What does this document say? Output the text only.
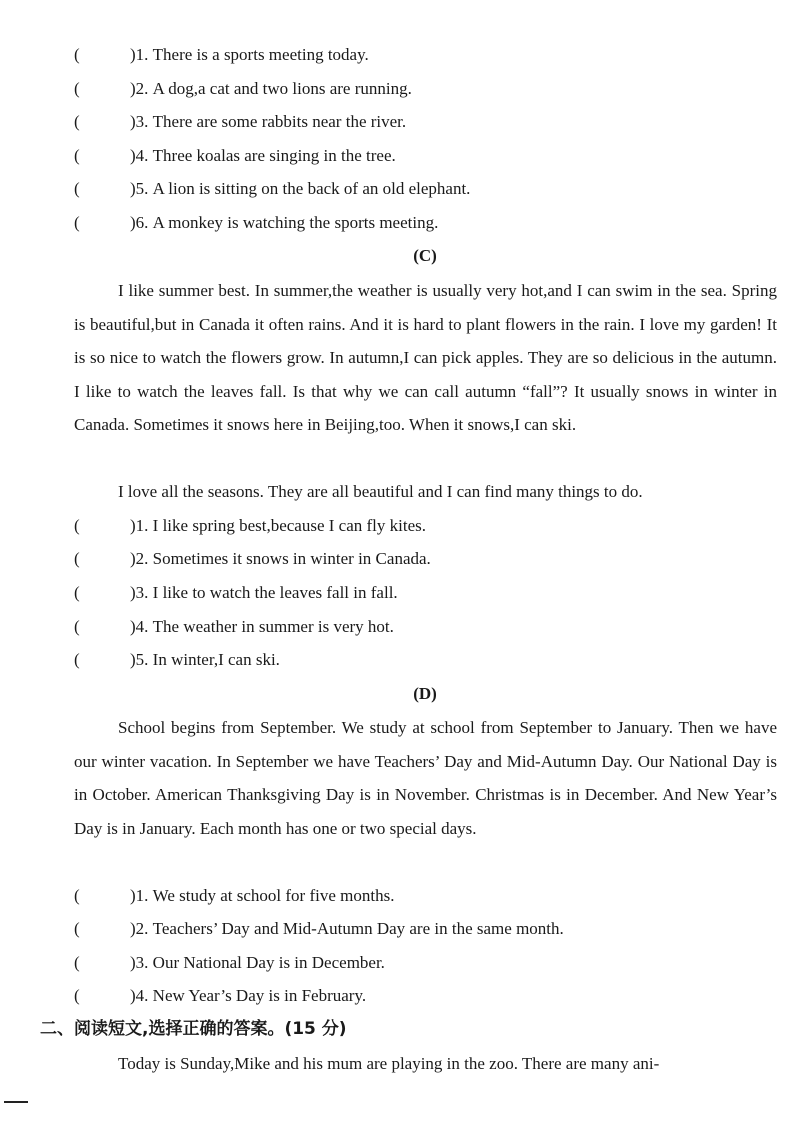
(	) 1 . There is a sports meeting today.
(	) 2 . A dog,a cat and two lions are running.
(	) 3 . There are some rabbits near the river.
(	) 4 . Three koalas are singing in the tree.
(	) 5 . A lion is sitting on the back of an old elephant.
(	) 6 . A monkey is watching the sports meeting.
(C)
I like summer best. In summer,the weather is usually very hot,and I can swim in the sea. Spring is beautiful,but in Canada it often rains. And it is hard to plant flowers in the rain. I love my garden! It is so nice to watch the flowers grow. In autumn,I can pick apples. They are so delicious in the autumn. I like to watch the leaves fall. Is that why we can call autumn “fall”? It usually snows in winter in Canada. Sometimes it snows here in Beijing,too. When it snows,I can ski.
I love all the seasons. They are all beautiful and I can find many things to do.
(	) 1 . I like spring best,because I can fly kites.
(	) 2 . Sometimes it snows in winter in Canada.
(	) 3 . I like to watch the leaves fall in fall.
(	) 4 . The weather in summer is very hot.
(	) 5 . In winter,I can ski.
(D)
School begins from September. We study at school from September to January. Then we have our winter vacation. In September we have Teachers’ Day and Mid-Autumn Day. Our National Day is in October. American Thanksgiving Day is in November. Christmas is in December. And New Year’s Day is in January. Each month has one or two special days.
(	) 1 . We study at school for five months.
(	) 2 . Teachers’ Day and Mid-Autumn Day are in the same month.
(	) 3 . Our National Day is in December.
(	) 4 . New Year’s Day is in February.
二、阅读短文,选择正确的答案。(15 分)
Today is Sunday,Mike and his mum are playing in the zoo. There are many ani-
